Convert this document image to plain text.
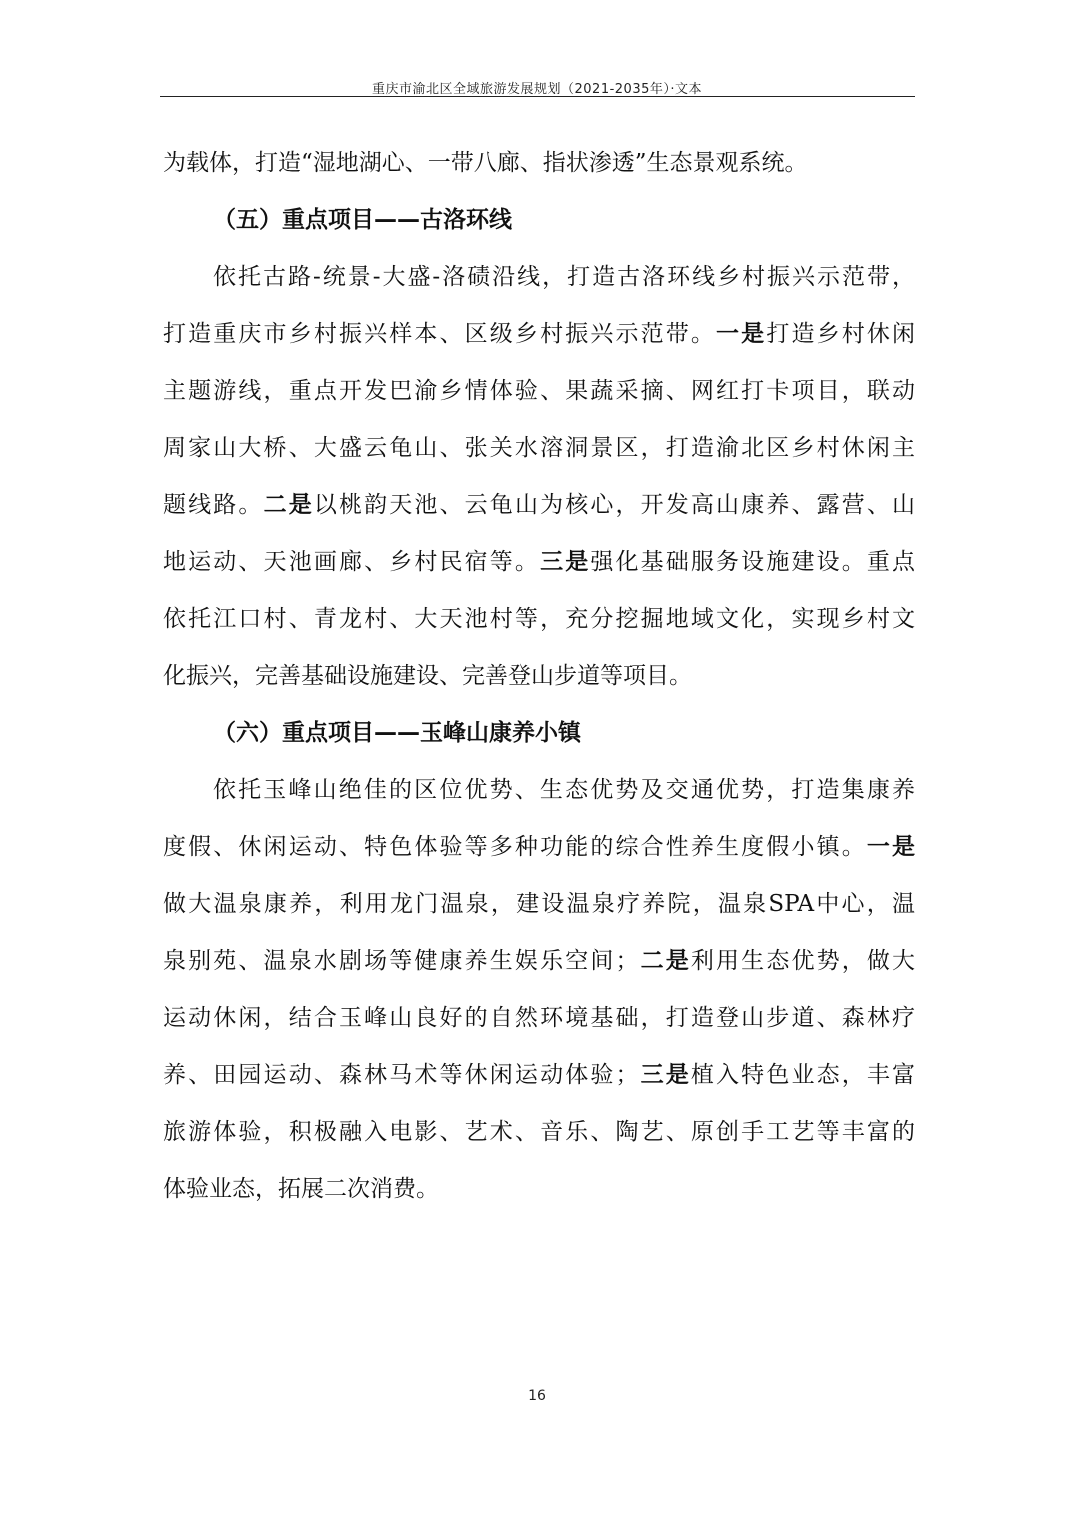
重庆市渝北区全域旅游发展规划（2021-2035年）·文本
为载体，打造“湿地湖心、一带八廊、指状渗透”生态景观系统。
（五）重点项目——古洛环线
依托古路-统景-大盛-洛碛沿线，打造古洛环线乡村振兴示范带，
打造重庆市乡村振兴样本、区级乡村振兴示范带。一是打造乡村休闲
主题游线，重点开发巴渝乡情体验、果蔬采摘、网红打卡项目，联动
周家山大桥、大盛云龟山、张关水溶洞景区，打造渝北区乡村休闲主
题线路。二是以桃韵天池、云龟山为核心，开发高山康养、露营、山
地运动、天池画廊、乡村民宿等。三是强化基础服务设施建设。重点
依托江口村、青龙村、大天池村等，充分挖掘地域文化，实现乡村文
化振兴，完善基础设施建设、完善登山步道等项目。
（六）重点项目——玉峰山康养小镇
依托玉峰山绝佳的区位优势、生态优势及交通优势，打造集康养
度假、休闲运动、特色体验等多种功能的综合性养生度假小镇。一是
做大温泉康养，利用龙门温泉，建设温泉疗养院，温泉SPA中心，温
泉别苑、温泉水剧场等健康养生娱乐空间；二是利用生态优势，做大
运动休闲，结合玉峰山良好的自然环境基础，打造登山步道、森林疗
养、田园运动、森林马术等休闲运动体验；三是植入特色业态，丰富
旅游体验，积极融入电影、艺术、音乐、陶艺、原创手工艺等丰富的
体验业态，拓展二次消费。
16
